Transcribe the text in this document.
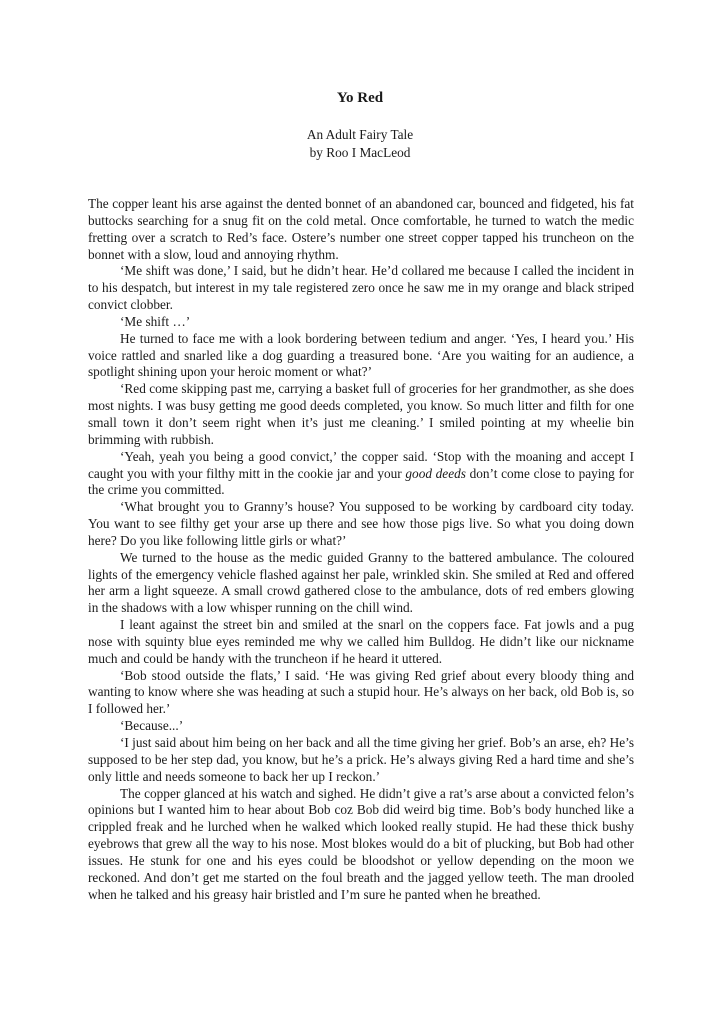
Yo Red
An Adult Fairy Tale
by Roo I MacLeod

The copper leant his arse against the dented bonnet of an abandoned car, bounced and fidgeted, his fat buttocks searching for a snug fit on the cold metal. Once comfortable, he turned to watch the medic fretting over a scratch to Red’s face. Ostere’s number one street copper tapped his truncheon on the bonnet with a slow, loud and annoying rhythm.

‘Me shift was done,’ I said, but he didn’t hear. He’d collared me because I called the incident in to his despatch, but interest in my tale registered zero once he saw me in my orange and black striped convict clobber.

‘Me shift …’

He turned to face me with a look bordering between tedium and anger. ‘Yes, I heard you.’ His voice rattled and snarled like a dog guarding a treasured bone. ‘Are you waiting for an audience, a spotlight shining upon your heroic moment or what?’

‘Red come skipping past me, carrying a basket full of groceries for her grandmother, as she does most nights. I was busy getting me good deeds completed, you know. So much litter and filth for one small town it don’t seem right when it’s just me cleaning.’ I smiled pointing at my wheelie bin brimming with rubbish.

‘Yeah, yeah you being a good convict,’ the copper said. ‘Stop with the moaning and accept I caught you with your filthy mitt in the cookie jar and your good deeds don’t come close to paying for the crime you committed.

‘What brought you to Granny’s house? You supposed to be working by cardboard city today. You want to see filthy get your arse up there and see how those pigs live. So what you doing down here? Do you like following little girls or what?’

We turned to the house as the medic guided Granny to the battered ambulance. The coloured lights of the emergency vehicle flashed against her pale, wrinkled skin. She smiled at Red and offered her arm a light squeeze. A small crowd gathered close to the ambulance, dots of red embers glowing in the shadows with a low whisper running on the chill wind.

I leant against the street bin and smiled at the snarl on the coppers face. Fat jowls and a pug nose with squinty blue eyes reminded me why we called him Bulldog. He didn’t like our nickname much and could be handy with the truncheon if he heard it uttered.

‘Bob stood outside the flats,’ I said. ‘He was giving Red grief about every bloody thing and wanting to know where she was heading at such a stupid hour. He’s always on her back, old Bob is, so I followed her.’

‘Because...’

‘I just said about him being on her back and all the time giving her grief. Bob’s an arse, eh? He’s supposed to be her step dad, you know, but he’s a prick. He’s always giving Red a hard time and she’s only little and needs someone to back her up I reckon.’

The copper glanced at his watch and sighed. He didn’t give a rat’s arse about a convicted felon’s opinions but I wanted him to hear about Bob coz Bob did weird big time. Bob’s body hunched like a crippled freak and he lurched when he walked which looked really stupid. He had these thick bushy eyebrows that grew all the way to his nose. Most blokes would do a bit of plucking, but Bob had other issues. He stunk for one and his eyes could be bloodshot or yellow depending on the moon we reckoned. And don’t get me started on the foul breath and the jagged yellow teeth. The man drooled when he talked and his greasy hair bristled and I’m sure he panted when he breathed.
